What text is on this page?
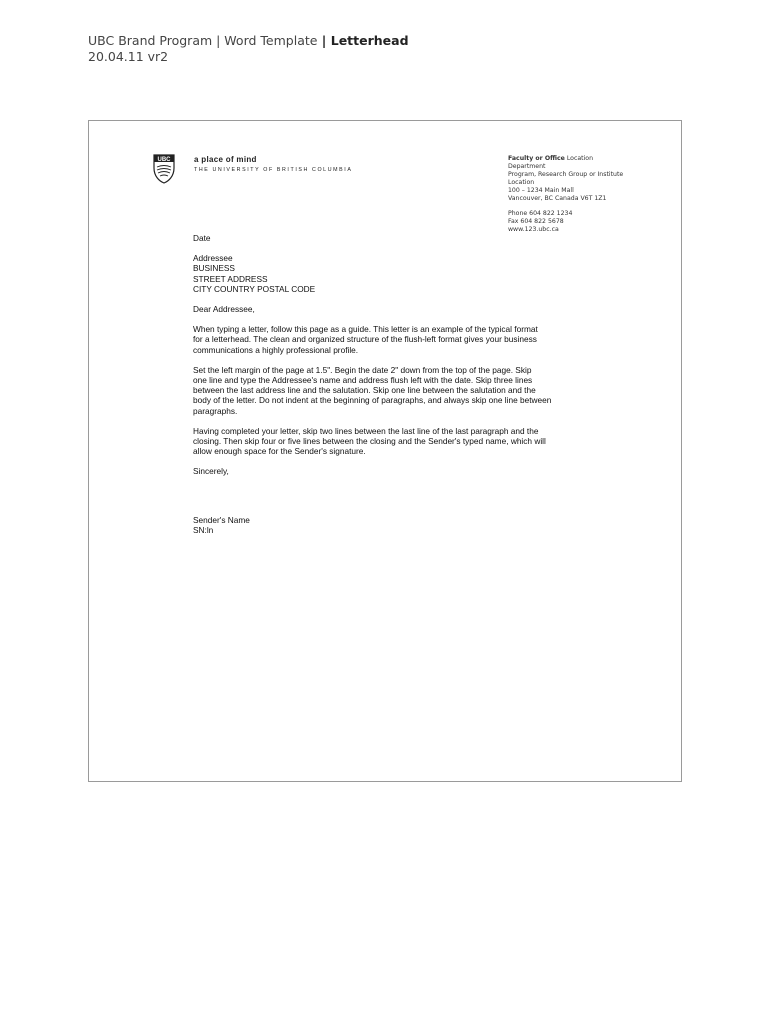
UBC Brand Program | Word Template | Letterhead
20.04.11 vr2
UBC	a place of mind
THE UNIVERSITY OF BRITISH COLUMBIA
Faculty or Office Location
Department
Program, Research Group or Institute
Location
100 – 1234 Main Mall
Vancouver, BC Canada V6T 1Z1
Phone 604 822 1234
Fax 604 822 5678
www.123.ubc.ca

Date

Addressee
BUSINESS
STREET ADDRESS
CITY COUNTRY POSTAL CODE

Dear Addressee,

When typing a letter, follow this page as a guide. This letter is an example of the typical format
for a letterhead. The clean and organized structure of the flush-left format gives your business
communications a highly professional profile.

Set the left margin of the page at 1.5". Begin the date 2" down from the top of the page. Skip
one line and type the Addressee's name and address flush left with the date. Skip three lines
between the last address line and the salutation. Skip one line between the salutation and the
body of the letter. Do not indent at the beginning of paragraphs, and always skip one line between
paragraphs.

Having completed your letter, skip two lines between the last line of the last paragraph and the
closing. Then skip four or five lines between the closing and the Sender's typed name, which will
allow enough space for the Sender's signature.

Sincerely,

Sender's Name
SN:ln
